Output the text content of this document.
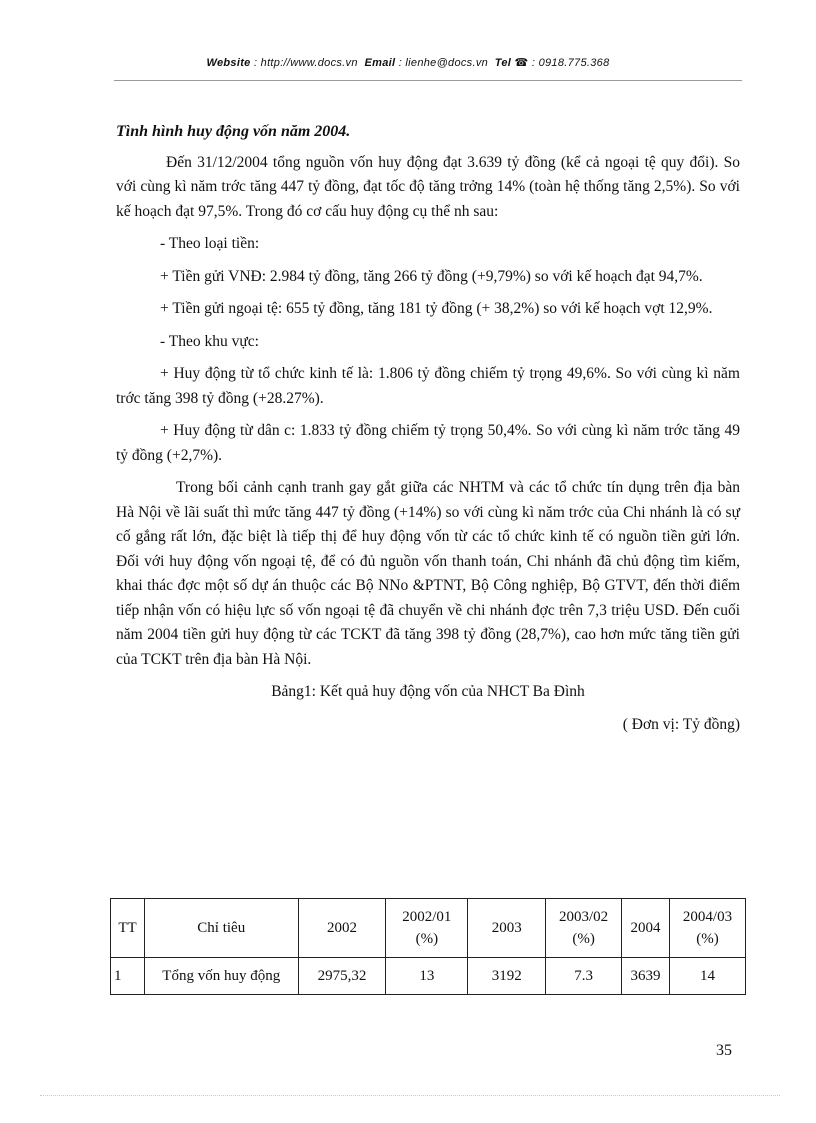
Website : http://www.docs.vn Email : lienhe@docs.vn Tel ☎ : 0918.775.368
Tình hình huy động vốn năm 2004.

Đến 31/12/2004 tổng nguồn vốn huy động đạt 3.639 tỷ đồng (kể cả ngoại tệ quy đổi). So với cùng kì năm trớc tăng 447 tỷ đồng, đạt tốc độ tăng trởng 14% (toàn hệ thống tăng 2,5%). So với kế hoạch đạt 97,5%. Trong đó cơ cấu huy động cụ thể nh sau:

- Theo loại tiền:

+ Tiền gửi VNĐ: 2.984 tỷ đồng, tăng 266 tỷ đồng (+9,79%) so với kế hoạch đạt 94,7%.

+ Tiền gửi ngoại tệ: 655 tỷ đồng, tăng 181 tỷ đồng (+ 38,2%) so với kế hoạch vợt 12,9%.

- Theo khu vực:

+ Huy động từ tổ chức kinh tế là: 1.806 tỷ đồng chiếm tỷ trọng 49,6%. So với cùng kì năm trớc tăng 398 tỷ đồng (+28.27%).

+ Huy động từ dân c: 1.833 tỷ đồng chiếm tỷ trọng 50,4%. So với cùng kì năm trớc tăng 49 tỷ đồng (+2,7%).

Trong bối cảnh cạnh tranh gay gắt giữa các NHTM và các tổ chức tín dụng trên địa bàn Hà Nội về lãi suất thì mức tăng 447 tỷ đồng (+14%) so với cùng kì năm trớc của Chi nhánh là có sự cố gắng rất lớn, đặc biệt là tiếp thị để huy động vốn từ các tổ chức kinh tế có nguồn tiền gửi lớn. Đối với huy động vốn ngoại tệ, để có đủ nguồn vốn thanh toán, Chi nhánh đã chủ động tìm kiếm, khai thác đợc một số dự án thuộc các Bộ NNo &PTNT, Bộ Công nghiệp, Bộ GTVT, đến thời điểm tiếp nhận vốn có hiệu lực số vốn ngoại tệ đã chuyển về chi nhánh đợc trên 7,3 triệu USD. Đến cuối năm 2004 tiền gửi huy động từ các TCKT đã tăng 398 tỷ đồng (28,7%), cao hơn mức tăng tiền gửi của TCKT trên địa bàn Hà Nội.

Bảng1: Kết quả huy động vốn của NHCT Ba Đình
( Đơn vị: Tỷ đồng)
TT	Chỉ tiêu	2002	2002/01 (%)	2003	2003/02 (%)	2004	2004/03 (%)
1	Tổng vốn huy động	2975,32	13	3192	7.3	3639	14
35
